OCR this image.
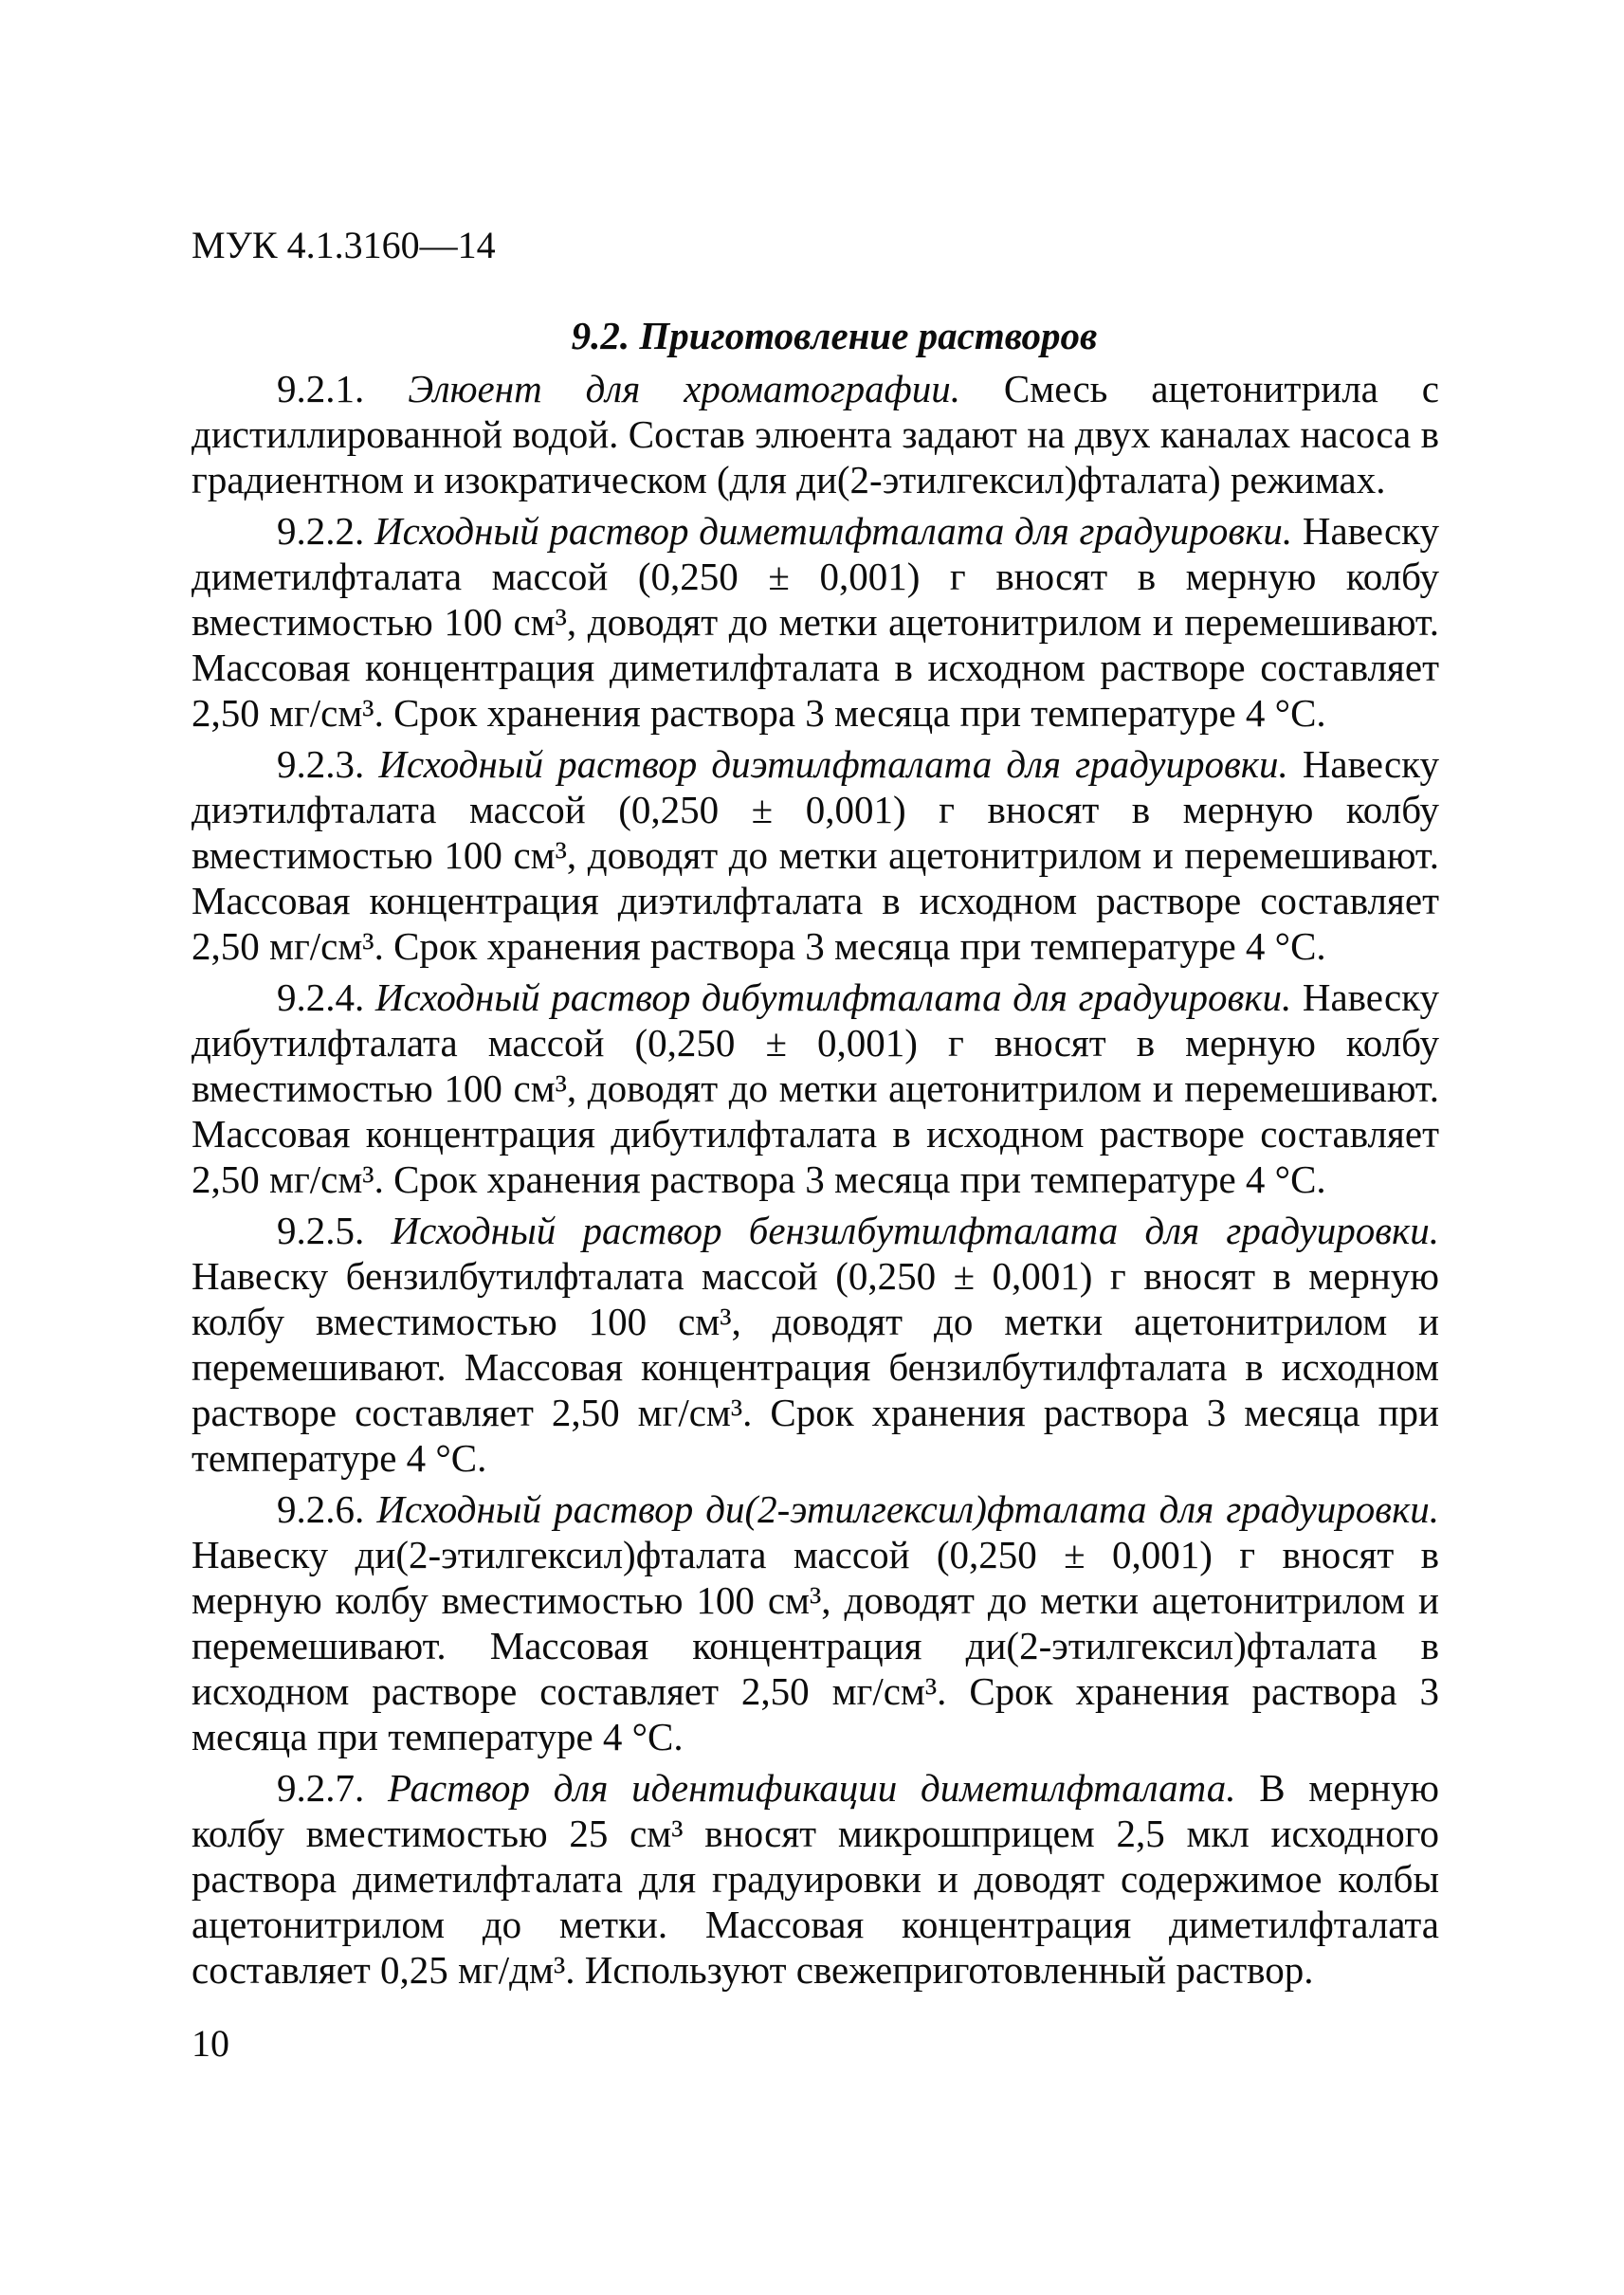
МУК 4.1.3160—14

9.2. Приготовление растворов

9.2.1. Элюент для хроматографии. Смесь ацетонитрила с дистиллированной водой. Состав элюента задают на двух каналах насоса в градиентном и изократическом (для ди(2-этилгексил)фталата) режимах.

9.2.2. Исходный раствор диметилфталата для градуировки. Навеску диметилфталата массой (0,250 ± 0,001) г вносят в мерную колбу вместимостью 100 см³, доводят до метки ацетонитрилом и перемешивают. Массовая концентрация диметилфталата в исходном растворе составляет 2,50 мг/см³. Срок хранения раствора 3 месяца при температуре 4 °С.

9.2.3. Исходный раствор диэтилфталата для градуировки. Навеску диэтилфталата массой (0,250 ± 0,001) г вносят в мерную колбу вместимостью 100 см³, доводят до метки ацетонитрилом и перемешивают. Массовая концентрация диэтилфталата в исходном растворе составляет 2,50 мг/см³. Срок хранения раствора 3 месяца при температуре 4 °С.

9.2.4. Исходный раствор дибутилфталата для градуировки. Навеску дибутилфталата массой (0,250 ± 0,001) г вносят в мерную колбу вместимостью 100 см³, доводят до метки ацетонитрилом и перемешивают. Массовая концентрация дибутилфталата в исходном растворе составляет 2,50 мг/см³. Срок хранения раствора 3 месяца при температуре 4 °С.

9.2.5. Исходный раствор бензилбутилфталата для градуировки. Навеску бензилбутилфталата массой (0,250 ± 0,001) г вносят в мерную колбу вместимостью 100 см³, доводят до метки ацетонитрилом и перемешивают. Массовая концентрация бензилбутилфталата в исходном растворе составляет 2,50 мг/см³. Срок хранения раствора 3 месяца при температуре 4 °С.

9.2.6. Исходный раствор ди(2-этилгексил)фталата для градуировки. Навеску ди(2-этилгексил)фталата массой (0,250 ± 0,001) г вносят в мерную колбу вместимостью 100 см³, доводят до метки ацетонитрилом и перемешивают. Массовая концентрация ди(2-этилгексил)фталата в исходном растворе составляет 2,50 мг/см³. Срок хранения раствора 3 месяца при температуре 4 °С.

9.2.7. Раствор для идентификации диметилфталата. В мерную колбу вместимостью 25 см³ вносят микрошприцем 2,5 мкл исходного раствора диметилфталата для градуировки и доводят содержимое колбы ацетонитрилом до метки. Массовая концентрация диметилфталата составляет 0,25 мг/дм³. Используют свежеприготовленный раствор.

10
